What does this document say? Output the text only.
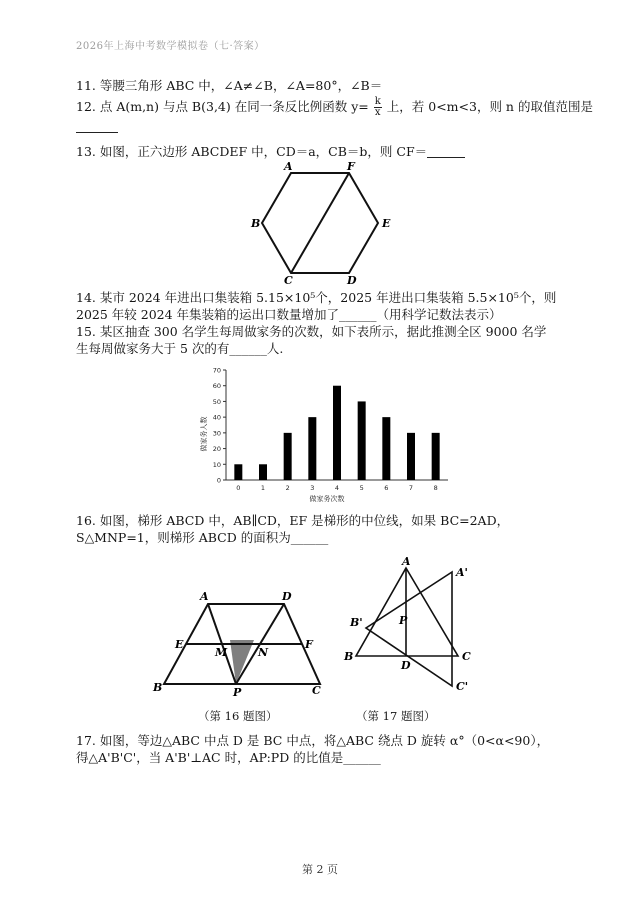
2026年上海中考数学模拟卷（七·答案）
11. 等腰三角形 ABC 中，∠A≠∠B，∠A=80°，∠B＝
12. 点 A(m,n) 与点 B(3,4) 在同一条反比例函数 $y= \frac{k}{x}$ 上，若 0<m<3，则 n 的取值范围是
13. 如图，正六边形 ABCDEF 中，CD＝a，CB＝b，则 CF＝
A	F
B	E
C	D
14. 某市 2024 年进出口集装箱 5.15×10⁵个，2025 年进出口集装箱 5.5×10⁵个，则 2025 年较 2024 年集装箱的运出口数量增加了______（用科学记数法表示）
15. 某区抽查 300 名学生每周做家务的次数，如下表所示，据此推测全区 9000 名学生每周做家务大于 5 次的有______人.
做家务人数
做家务次数
0
10
20
30
40
50
60
70
0	1	2	3	4	5	6	7	8
16. 如图，梯形 ABCD 中，AB∥CD，EF 是梯形的中位线，如果 BC=2AD，S△MNP=1，则梯形 ABCD 的面积为______
A	D
E	F
M	N
B	P	C
A
A'
B'	P
B
D
C
C'
（第 16 题图）	（第 17 题图）
17. 如图，等边△ABC 中点 D 是 BC 中点，将△ABC 绕点 D 旋转 α°（0<α<90），得△A'B'C'，当 A'B'⊥AC 时，AP:PD 的比值是______
第 2 页
